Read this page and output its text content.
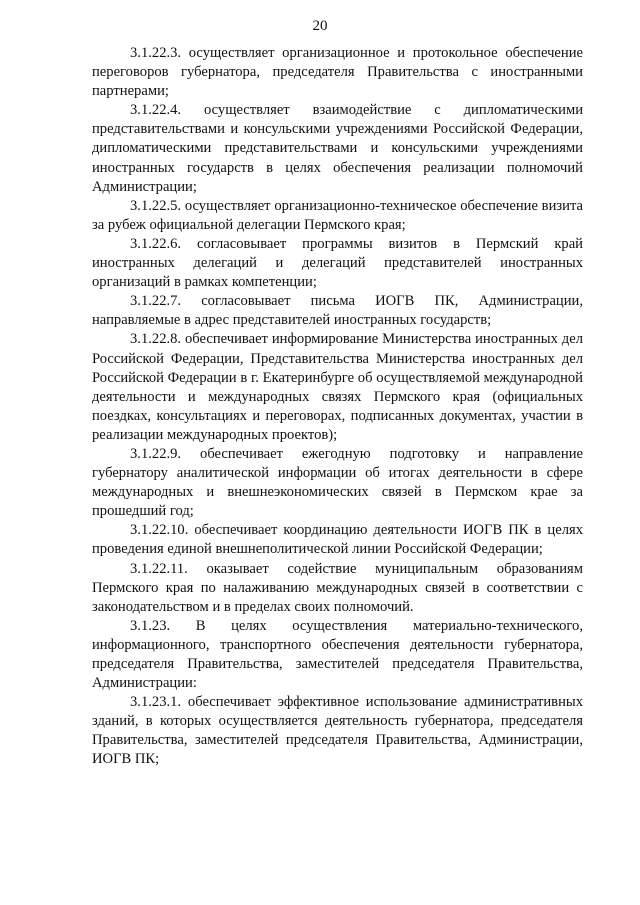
20

3.1.22.3. осуществляет организационное и протокольное обеспечение переговоров губернатора, председателя Правительства с иностранными партнерами;

3.1.22.4. осуществляет взаимодействие с дипломатическими представительствами и консульскими учреждениями Российской Федерации, дипломатическими представительствами и консульскими учреждениями иностранных государств в целях обеспечения реализации полномочий Администрации;

3.1.22.5. осуществляет организационно-техническое обеспечение визита за рубеж официальной делегации Пермского края;

3.1.22.6. согласовывает программы визитов в Пермский край иностранных делегаций и делегаций представителей иностранных организаций в рамках компетенции;

3.1.22.7. согласовывает письма ИОГВ ПК, Администрации, направляемые в адрес представителей иностранных государств;

3.1.22.8. обеспечивает информирование Министерства иностранных дел Российской Федерации, Представительства Министерства иностранных дел Российской Федерации в г. Екатеринбурге об осуществляемой международной деятельности и международных связях Пермского края (официальных поездках, консультациях и переговорах, подписанных документах, участии в реализации международных проектов);

3.1.22.9. обеспечивает ежегодную подготовку и направление губернатору аналитической информации об итогах деятельности в сфере международных и внешнеэкономических связей в Пермском крае за прошедший год;

3.1.22.10. обеспечивает координацию деятельности ИОГВ ПК в целях проведения единой внешнеполитической линии Российской Федерации;

3.1.22.11. оказывает содействие муниципальным образованиям Пермского края по налаживанию международных связей в соответствии с законодательством и в пределах своих полномочий.

3.1.23. В целях осуществления материально-технического, информационного, транспортного обеспечения деятельности губернатора, председателя Правительства, заместителей председателя Правительства, Администрации:

3.1.23.1. обеспечивает эффективное использование административных зданий, в которых осуществляется деятельность губернатора, председателя Правительства, заместителей председателя Правительства, Администрации, ИОГВ ПК;
